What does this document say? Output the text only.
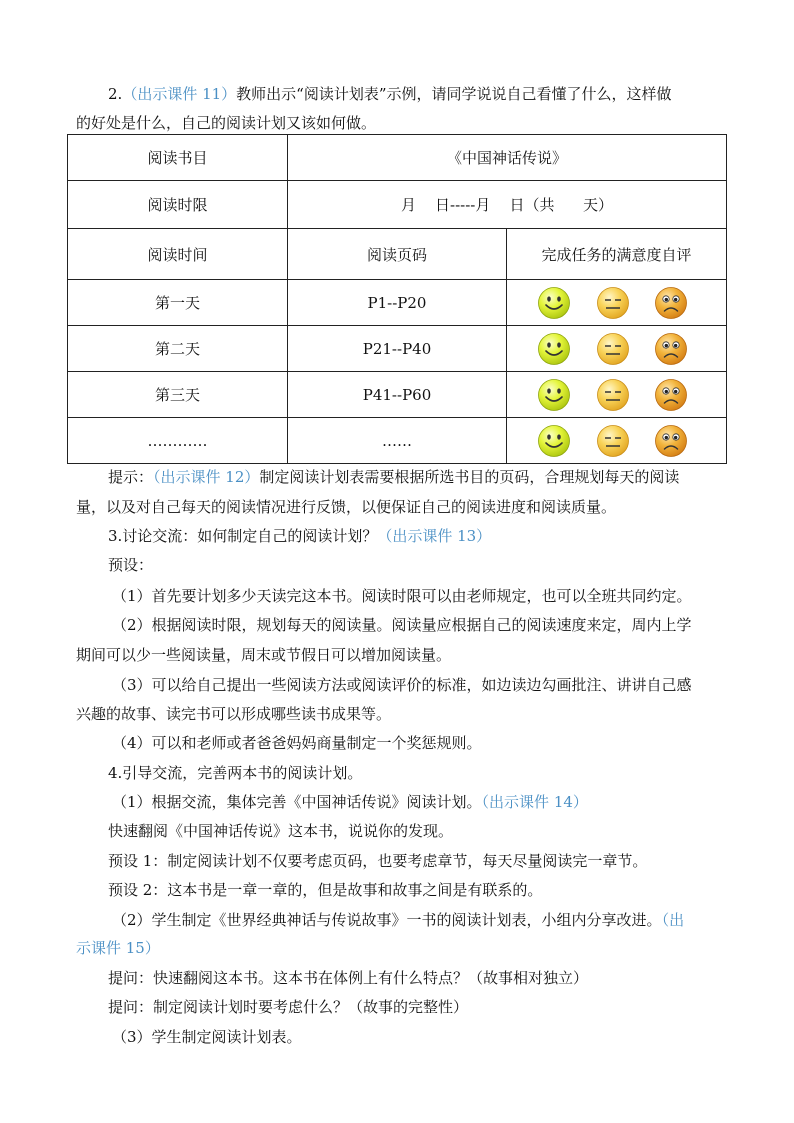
2.（出示课件 11）教师出示“阅读计划表”示例，请同学说说自己看懂了什么，这样做
的好处是什么，自己的阅读计划又该如何做。
阅读书目	《中国神话传说》	
阅读时限	月    日-----月    日（共      天）	
阅读时间	阅读页码	完成任务的满意度自评
第一天	P1--P20	

第二天	P21--P40	

第三天	P41--P60	

…………	……	
提示：（出示课件 12）制定阅读计划表需要根据所选书目的页码，合理规划每天的阅读
量，以及对自己每天的阅读情况进行反馈，以便保证自己的阅读进度和阅读质量。
3.讨论交流：如何制定自己的阅读计划？（出示课件 13）
预设：
（1）首先要计划多少天读完这本书。阅读时限可以由老师规定，也可以全班共同约定。
（2）根据阅读时限，规划每天的阅读量。阅读量应根据自己的阅读速度来定，周内上学
期间可以少一些阅读量，周末或节假日可以增加阅读量。
（3）可以给自己提出一些阅读方法或阅读评价的标准，如边读边勾画批注、讲讲自己感
兴趣的故事、读完书可以形成哪些读书成果等。
（4）可以和老师或者爸爸妈妈商量制定一个奖惩规则。
4.引导交流，完善两本书的阅读计划。
（1）根据交流，集体完善《中国神话传说》阅读计划。（出示课件 14）
快速翻阅《中国神话传说》这本书，说说你的发现。
预设 1：制定阅读计划不仅要考虑页码，也要考虑章节，每天尽量阅读完一章节。
预设 2：这本书是一章一章的，但是故事和故事之间是有联系的。
（2）学生制定《世界经典神话与传说故事》一书的阅读计划表，小组内分享改进。（出
示课件 15）
提问：快速翻阅这本书。这本书在体例上有什么特点？（故事相对独立）
提问：制定阅读计划时要考虑什么？（故事的完整性）
（3）学生制定阅读计划表。
